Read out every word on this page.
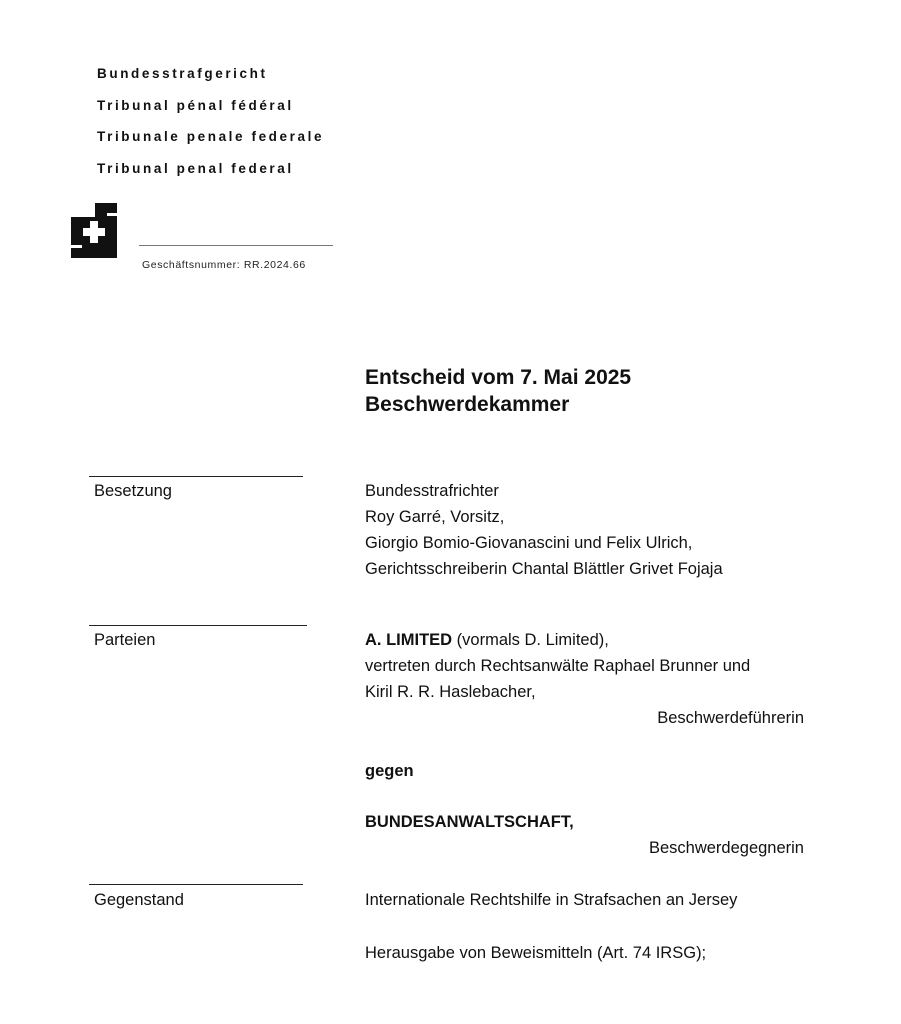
Bundesstrafgericht
Tribunal pénal fédéral
Tribunale penale federale
Tribunal penal federal
Geschäftsnummer: RR.2024.66
Entscheid vom 7. Mai 2025
Beschwerdekammer
Besetzung	Bundesstrafrichter
Roy Garré, Vorsitz,
Giorgio Bomio-Giovanascini und Felix Ulrich,
Gerichtsschreiberin Chantal Blättler Grivet Fojaja
Parteien	A. LIMITED (vormals D. Limited),
vertreten durch Rechtsanwälte Raphael Brunner und
Kiril R. R. Haslebacher,
Beschwerdeführerin
gegen
BUNDESANWALTSCHAFT,
Beschwerdegegnerin
Gegenstand	Internationale Rechtshilfe in Strafsachen an Jersey
Herausgabe von Beweismitteln (Art. 74 IRSG);
